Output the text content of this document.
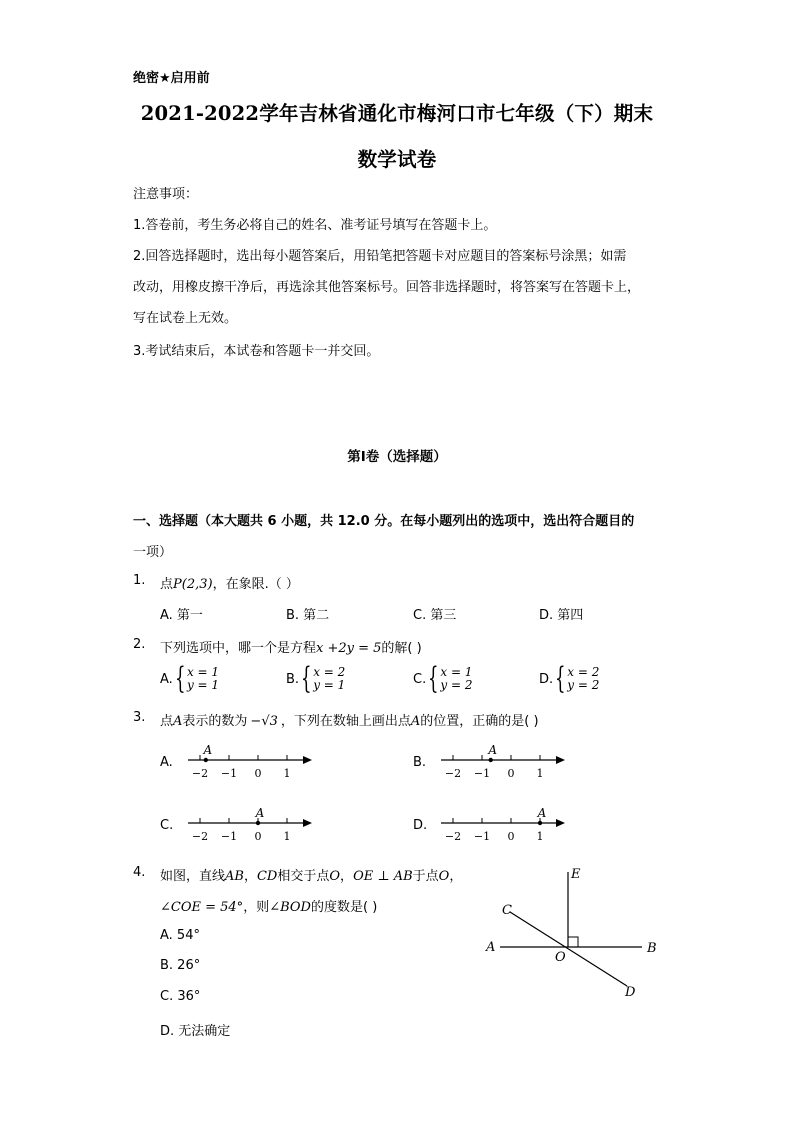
绝密★启用前
2021-2022学年吉林省通化市梅河口市七年级（下）期末
数学试卷
注意事项：
1.答卷前，考生务必将自己的姓名、准考证号填写在答题卡上。
2.回答选择题时，选出每小题答案后，用铅笔把答题卡对应题目的答案标号涂黑；如需
改动，用橡皮擦干净后，再选涂其他答案标号。回答非选择题时，将答案写在答题卡上，
写在试卷上无效。
3.考试结束后，本试卷和答题卡一并交回。
第I卷（选择题）
一、选择题（本大题共 6 小题，共 12.0 分。在每小题列出的选项中，选出符合题目的
一项）
1. 点P(2,3)，在象限.（ ）
A. 第一	B. 第二	C. 第三	D. 第四
2. 下列选项中，哪一个是方程x +2y = 5的解( )
A. { x = 1
y = 1	B. { x = 2
y = 1	C. { x = 1
y = 2	D. { x = 2
y = 2
3. 点A表示的数为 −√3 ，下列在数轴上画出点A的位置，正确的是( )
A.	B.
C.	D.
−2 −1 0 1
A
−2 −1 0 1
A
−2 −1 0 1
A
−2 −1 0 1
A
4. 如图，直线AB，CD相交于点O，OE ⊥ AB于点O，
∠COE = 54°，则∠BOD的度数是( )
A. 54°
B. 26°
C. 36°
D. 无法确定
A	B
C
D
E
O
